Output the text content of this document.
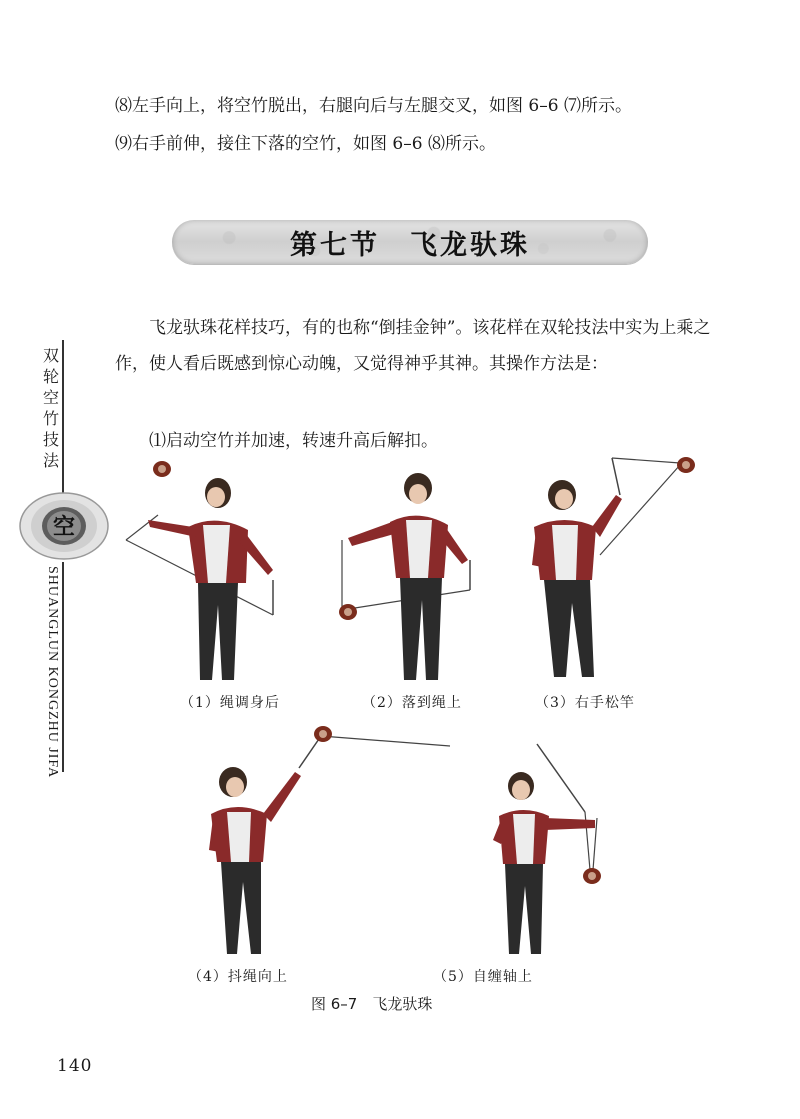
⑻左手向上，将空竹脱出，右腿向后与左腿交叉，如图 6–6 ⑺所示。

⑼右手前伸，接住下落的空竹，如图 6–6 ⑻所示。

第七节　飞龙驮珠

飞龙驮珠花样技巧，有的也称“倒挂金钟”。该花样在双轮技法中实为上乘之作，使人看后既感到惊心动魄，又觉得神乎其神。其操作方法是：

⑴启动空竹并加速，转速升高后解扣。

双轮空竹技法
空
SHUANGLUN KONGZHU JIFA	（1）绳调身后	（2）落到绳上	（3）右手松竿
（4）抖绳向上	（5）自缠轴上
图 6–7　飞龙驮珠
140
